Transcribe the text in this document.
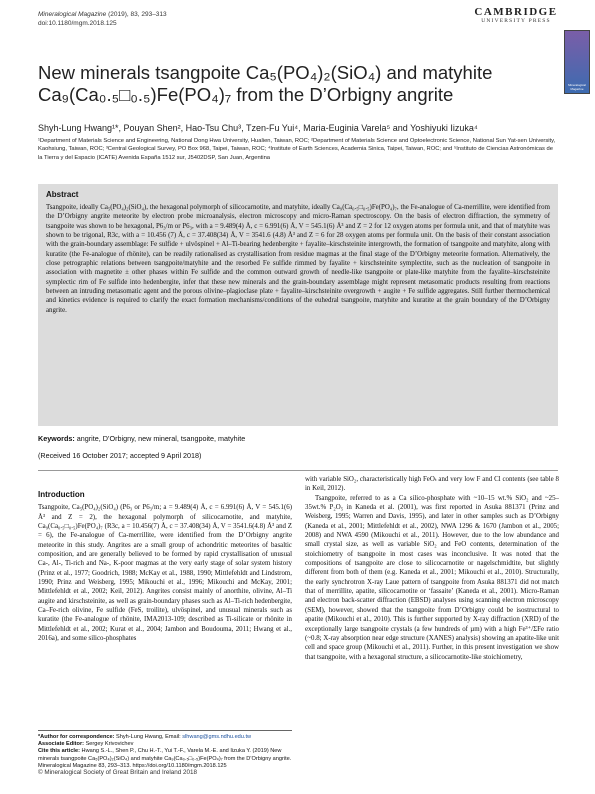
Mineralogical Magazine (2019), 83, 293–313
doi:10.1180/mgm.2018.125
CAMBRIDGE
UNIVERSITY PRESS
Mineralogical Magazine
New minerals tsangpoite Ca₅(PO₄)₂(SiO₄) and matyhite
Ca₉(Ca₀.₅□₀.₅)Fe(PO₄)₇ from the D’Orbigny angrite
Shyh-Lung Hwang¹*, Pouyan Shen², Hao-Tsu Chu³, Tzen-Fu Yui⁴, Maria-Euginia Varela⁵ and Yoshiyuki Iizuka⁴
¹Department of Materials Science and Engineering, National Dong Hwa University, Hualien, Taiwan, ROC; ²Department of Materials Science and Optoelectronic Science, National Sun Yat-sen University, Kaohsiung, Taiwan, ROC; ³Central Geological Survey, PO Box 968, Taipei, Taiwan, ROC; ⁴Institute of Earth Sciences, Academia Sinica, Taipei, Taiwan, ROC; and ⁵Instituto de Ciencias Astronómicas de la Tierra y del Espacio (ICATE) Avenida España 1512 sur, J5402DSP, San Juan, Argentina
Abstract

Tsangpoite, ideally Ca₅(PO₄)₂(SiO₄), the hexagonal polymorph of silicocarnotite, and matyhite, ideally Ca₉(Ca₀.₅□₀.₅)Fe(PO₄)₇, the Fe-analogue of Ca-merrillite, were identified from the D’Orbigny angrite meteorite by electron probe microanalysis, electron microscopy and micro-Raman spectroscopy. On the basis of electron diffraction, the symmetry of tsangpoite was shown to be hexagonal, P6₃/m or P6₃, with a = 9.489(4) Å, c = 6.991(6) Å, V = 545.1(6) Å³ and Z = 2 for 12 oxygen atoms per formula unit, and that of matyhite was shown to be trigonal, R3c, with a = 10.456 (7) Å, c = 37.408(34) Å, V = 3541.6 (4.8) Å³ and Z = 6 for 28 oxygen atoms per formula unit. On the basis of their constant association with the grain-boundary assemblage: Fe sulfide + ulvöspinel + Al–Ti-bearing hedenbergite + fayalite–kirschsteinite intergrowth, the formation of tsangpoite and matyhite, along with kuratite (the Fe-analogue of rhönite), can be readily rationalised as crystallisation from residue magmas at the final stage of the D’Orbigny meteorite formation. Alternatively, the close petrographic relations between tsangpoite/matyhite and the resorbed Fe sulfide rimmed by fayalite + kirschsteinite symplectite, such as the nucleation of tsangpoite in association with magnetite ± other phases within Fe sulfide and the common outward growth of needle-like tsangpoite or plate-like matyhite from the fayalite–kirschsteinite symplectic rim of Fe sulfide into hedenbergite, infer that these new minerals and the grain-boundary assemblage might represent metasomatic products resulting from reactions between an intruding metasomatic agent and the porous olivine–plagioclase plate + fayalite–kirschsteinite overgrowth + augite + Fe sulfide aggregates. Still further thermochemical and kinetics evidence is required to clarify the exact formation mechanisms/conditions of the euhedral tsangpoite, matyhite and kuratite at the grain boundary of the D’Orbigny angrite.

Keywords: angrite, D’Orbigny, new mineral, tsangpoite, matyhite
(Received 16 October 2017; accepted 9 April 2018)
Introduction

Tsangpoite, Ca₅(PO₄)₂(SiO₄) (P6₃ or P6₃/m; a = 9.489(4) Å, c = 6.991(6) Å, V = 545.1(6) Å³ and Z = 2), the hexagonal polymorph of silicocarnotite, and matyhite, Ca₉(Ca₀.₅□₀.₅)Fe(PO₄)₇ (R3c, a = 10.456(7) Å, c = 37.408(34) Å, V = 3541.6(4.8) Å³ and Z = 6), the Fe-analogue of Ca-merrillite, were identified from the D’Orbigny angrite meteorite in this study. Angrites are a small group of achondritic meteorites of basaltic composition, and are generally believed to be formed by rapid crystallisation of unusual Ca-, Al-, Ti-rich and Na-, K-poor magmas at the very early stage of solar system history (Prinz et al., 1977; Goodrich, 1988; McKay et al., 1988, 1990; Mittlefehldt and Lindstrom, 1990; Prinz and Weisberg, 1995; Mikouchi et al., 1996; Mikouchi and McKay, 2001; Mittlefehldt et al., 2002; Keil, 2012). Angrites consist mainly of anorthite, olivine, Al–Ti augite and kirschsteinite, as well as grain-boundary phases such as Al–Ti-rich hedenbergite, Ca–Fe-rich olivine, Fe sulfide (FeS, troilite), ulvöspinel, and unusual minerals such as kuratite (the Fe-analogue of rhönite, IMA2013-109; described as Ti-silicate or rhönite in Mittlefehldt et al., 2002; Kurat et al., 2004; Jambon and Boudouma, 2011; Hwang et al., 2016a), and some silico-phosphates

with variable SiO₂, characteristically high FeOₜ and very low F and Cl contents (see table 8 in Keil, 2012).

Tsangpoite, referred to as a Ca silico-phosphate with ~10–15 wt.% SiO₂ and ~25–35wt.% P₂O₅ in Kaneda et al. (2001), was first reported in Asuka 881371 (Prinz and Weisberg, 1995; Warren and Davis, 1995), and later in other samples such as D’Orbigny (Kaneda et al., 2001; Mittlefehldt et al., 2002), NWA 1296 & 1670 (Jambon et al., 2005; 2008) and NWA 4590 (Mikouchi et al., 2011). However, due to the low abundance and small crystal size, as well as variable SiO₂ and FeO contents, determination of the stoichiometry of tsangpoite in most cases was inconclusive. It was noted that the compositions of tsangpoite are close to silicocarnotite or nagelschmidtite, but slightly different from both of them (e.g. Kaneda et al., 2001; Mikouchi et al., 2010). Structurally, the early synchrotron X-ray Laue pattern of tsangpoite from Asuka 881371 did not match that of merrillite, apatite, silicocarnotite or ‘fassaite’ (Kaneda et al., 2001). Micro-Raman and electron back-scatter diffraction (EBSD) analyses using scanning electron microscopy (SEM), however, showed that the tsangpoite from D’Orbigny could be isostructural to apatite (Mikouchi et al., 2010). This is further supported by X-ray diffraction (XRD) of the exceptionally large tsangpoite crystals (a few hundreds of µm) with a high Fe³⁺/ΣFe ratio (~0.8; X-ray absorption near edge structure (XANES) analysis) showing an apatite-like unit cell and space group (Mikouchi et al., 2011). Further, in this present investigation we show that tsangpoite, with a hexagonal structure, a silicocarnotite-like stoichiometry,

*Author for correspondence: Shyh-Lung Hwang, Email: slhwang@gms.ndhu.edu.tw
Associate Editor: Sergey Krivovichev
Cite this article: Hwang S.-L., Shen P., Chu H.-T., Yui T.-F., Varela M.-E. and Iizuka Y. (2019) New minerals tsangpoite Ca₅(PO₄)₂(SiO₄) and matyhite Ca₉(Ca₀.₅□₀.₅)Fe(PO₄)₇ from the D’Orbigny angrite. Mineralogical Magazine 83, 293–313. https://doi.org/10.1180/mgm.2018.125
© Mineralogical Society of Great Britain and Ireland 2018
